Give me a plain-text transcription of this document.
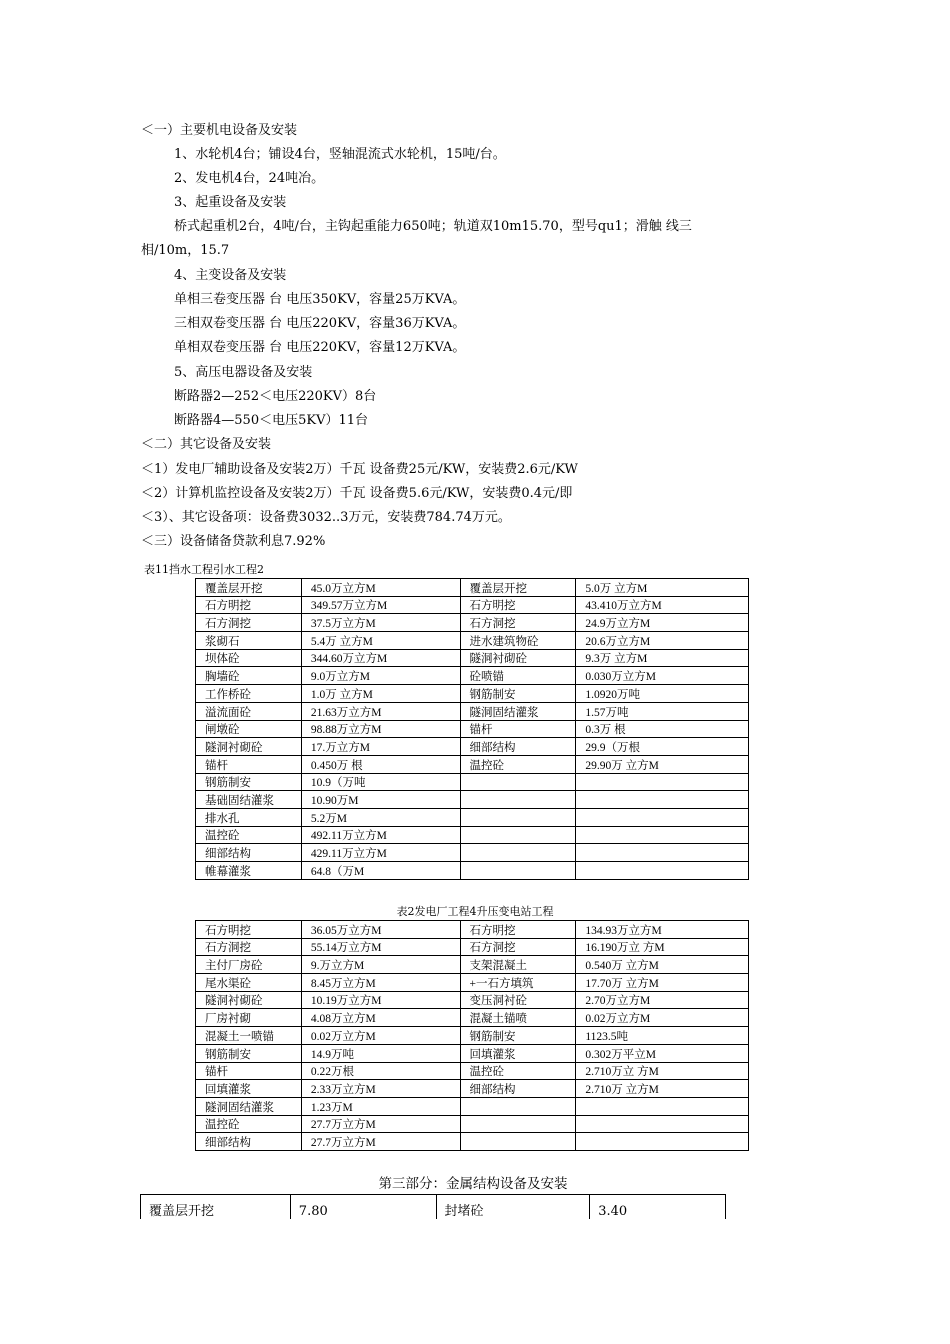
＜一）主要机电设备及安装
1、水轮机4台；铺设4台，竖轴混流式水轮机，15吨/台。
2、发电机4台，24吨冶。
3、起重设备及安装
桥式起重机2台，4吨/台，主钩起重能力650吨；轨道双10m15.70，型号qu1；滑触 线三
相/10m，15.7
4、主变设备及安装
单相三卷变压器 台 电压350KV，容量25万KVA。
三相双卷变压器 台 电压220KV，容量36万KVA。
单相双卷变压器 台 电压220KV，容量12万KVA。
5、高压电器设备及安装
断路器2—252＜电压220KV）8台
断路器4—550＜电压5KV）11台
＜二）其它设备及安装
＜1）发电厂辅助设备及安装2万）千瓦 设备费25元/KW，安装费2.6元/KW
＜2）计算机监控设备及安装2万）千瓦 设备费5.6元/KW，安装费0.4元/即
＜3）、其它设备项：设备费3032..3万元，安装费784.74万元。
＜三）设备储备贷款利息7.92%
表11挡水工程引水工程2
覆盖层开挖	45.0万立方M	覆盖层开挖	5.0万 立方M
石方明挖	349.57万立方M	石方明挖	43.410万立方M
石方洞挖	37.5万立方M	石方洞挖	24.9万立方M
浆砌石	5.4万 立方M	进水建筑物砼	20.6万立方M
坝体砼	344.60万立方M	隧洞衬砌砼	9.3万 立方M
胸墙砼	9.0万立方M	砼喷锚	0.030万立方M
工作桥砼	1.0万 立方M	钢筋制安	1.0920万吨
溢流面砼	21.63万立方M	隧洞固结灌浆	1.57万吨
闸墩砼	98.88万立方M	锚杆	0.3万 根
隧洞衬砌砼	17.万立方M	细部结构	29.9（万根
锚杆	0.450万 根	温控砼	29.90万 立方M
钢筋制安	10.9（万吨		
基础固结灌浆	10.90万M		
排水孔	5.2万M		
温控砼	492.11万立方M		
细部结构	429.11万立方M		
帷幕灌浆	64.8（万M		
表2发电厂工程4升压变电站工程
石方明挖	36.05万立方M	石方明挖	134.93万立方M
石方洞挖	55.14万立方M	石方洞挖	16.190万立 方M
主付厂房砼	9.万立方M	支架混凝土	0.540万 立方M
尾水渠砼	8.45万立方M	+一石方填筑	17.70万 立方M
隧洞衬砌砼	10.19万立方M	变压洞衬砼	2.70万立方M
厂房衬砌	4.08万立方M	混凝土锚喷	0.02万立方M
混凝土一喷锚	0.02万立方M	钢筋制安	1123.5吨
钢筋制安	14.9万吨	回填灌浆	0.302万平立M
锚杆	0.22万根	温控砼	2.710万立 方M
回填灌浆	2.33万立方M	细部结构	2.710万 立方M
隧洞固结灌浆	1.23万M		
温控砼	27.7万立方M		
细部结构	27.7万立方M		
第三部分：金属结构设备及安装
覆盖层开挖	7.80	封堵砼	3.40
